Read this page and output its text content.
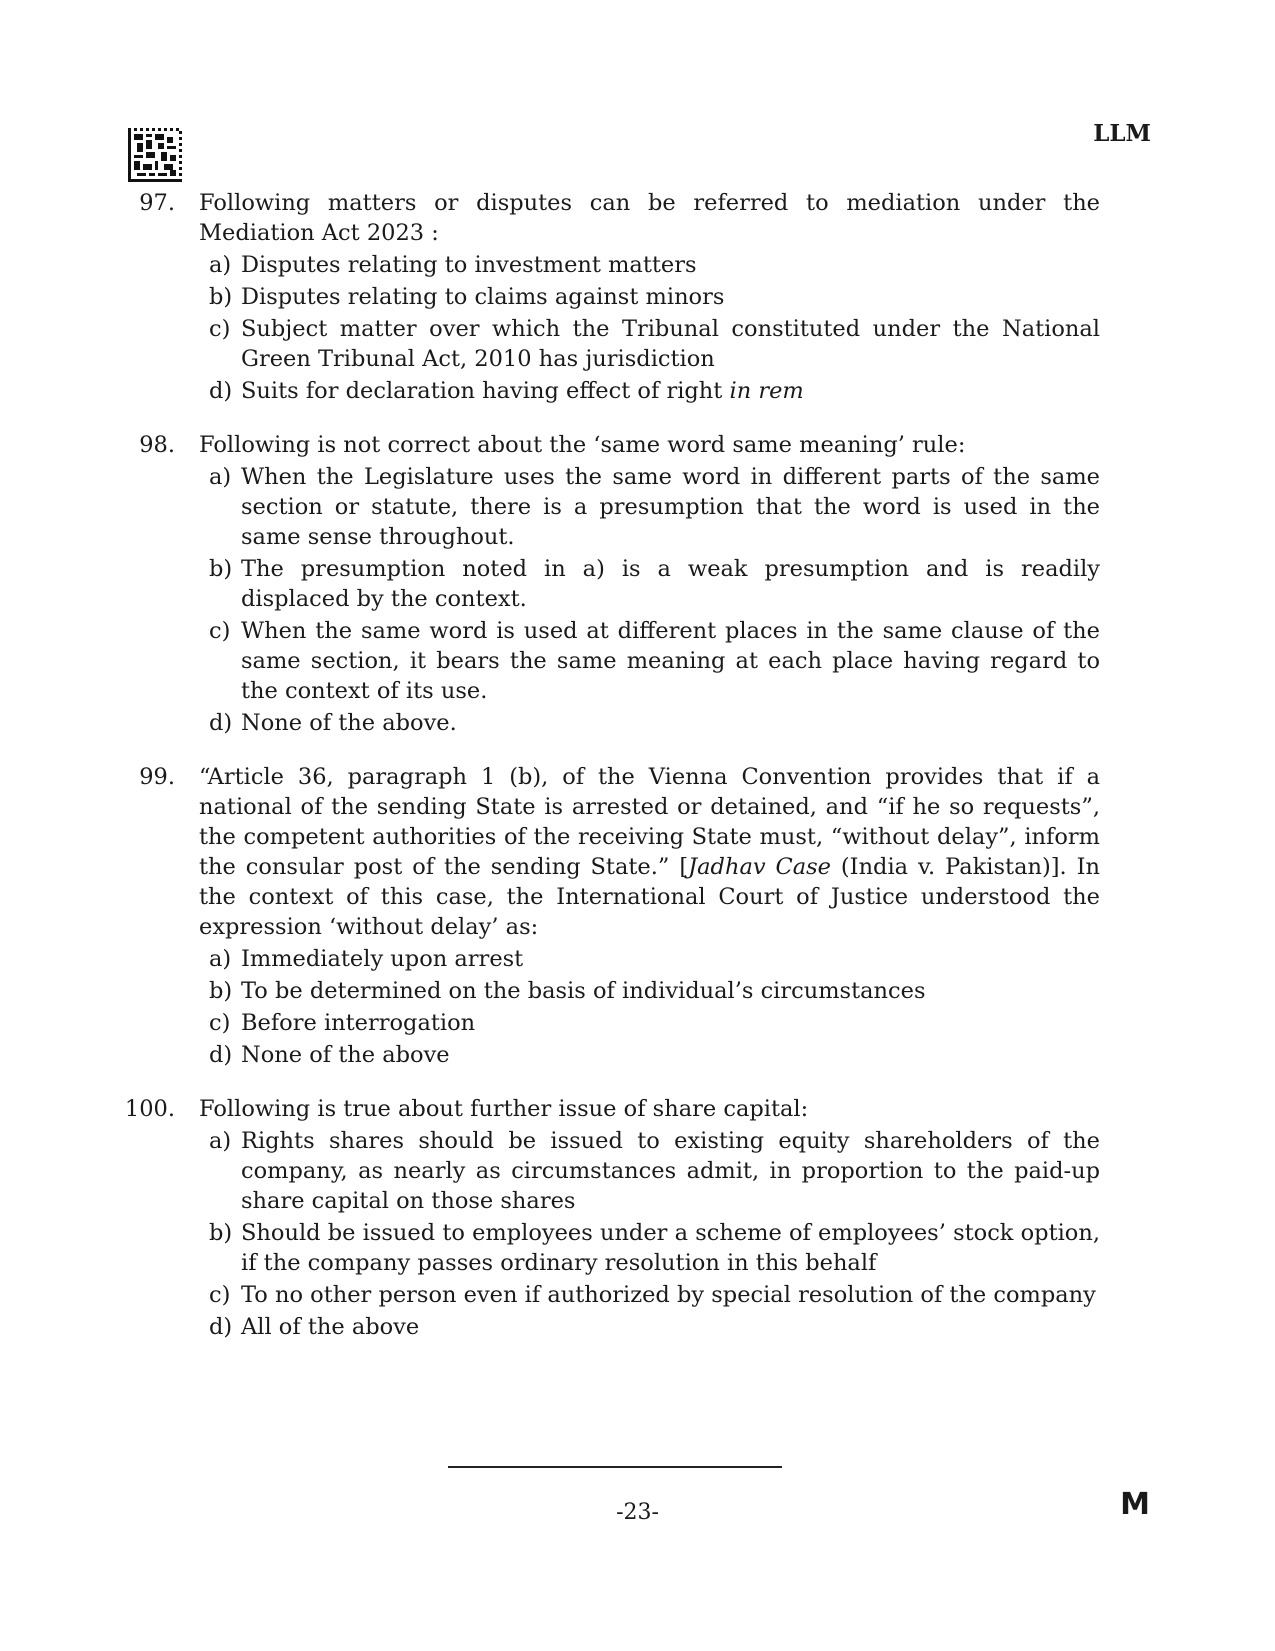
LLM
97. Following matters or disputes can be referred to mediation under the Mediation Act 2023 :
a) Disputes relating to investment matters
b) Disputes relating to claims against minors
c) Subject matter over which the Tribunal constituted under the National Green Tribunal Act, 2010 has jurisdiction
d) Suits for declaration having effect of right in rem
98. Following is not correct about the ‘same word same meaning’ rule:
a) When the Legislature uses the same word in different parts of the same section or statute, there is a presumption that the word is used in the same sense throughout.
b) The presumption noted in a) is a weak presumption and is readily displaced by the context.
c) When the same word is used at different places in the same clause of the same section, it bears the same meaning at each place having regard to the context of its use.
d) None of the above.
99. “Article 36, paragraph 1 (b), of the Vienna Convention provides that if a national of the sending State is arrested or detained, and “if he so requests”, the competent authorities of the receiving State must, “without delay”, inform the consular post of the sending State.” [Jadhav Case (India v. Pakistan)]. In the context of this case, the International Court of Justice understood the expression ‘without delay’ as:
a) Immediately upon arrest
b) To be determined on the basis of individual’s circumstances
c) Before interrogation
d) None of the above
100. Following is true about further issue of share capital:
a) Rights shares should be issued to existing equity shareholders of the company, as nearly as circumstances admit, in proportion to the paid-up share capital on those shares
b) Should be issued to employees under a scheme of employees’ stock option, if the company passes ordinary resolution in this behalf
c) To no other person even if authorized by special resolution of the company
d) All of the above
-23-	M
